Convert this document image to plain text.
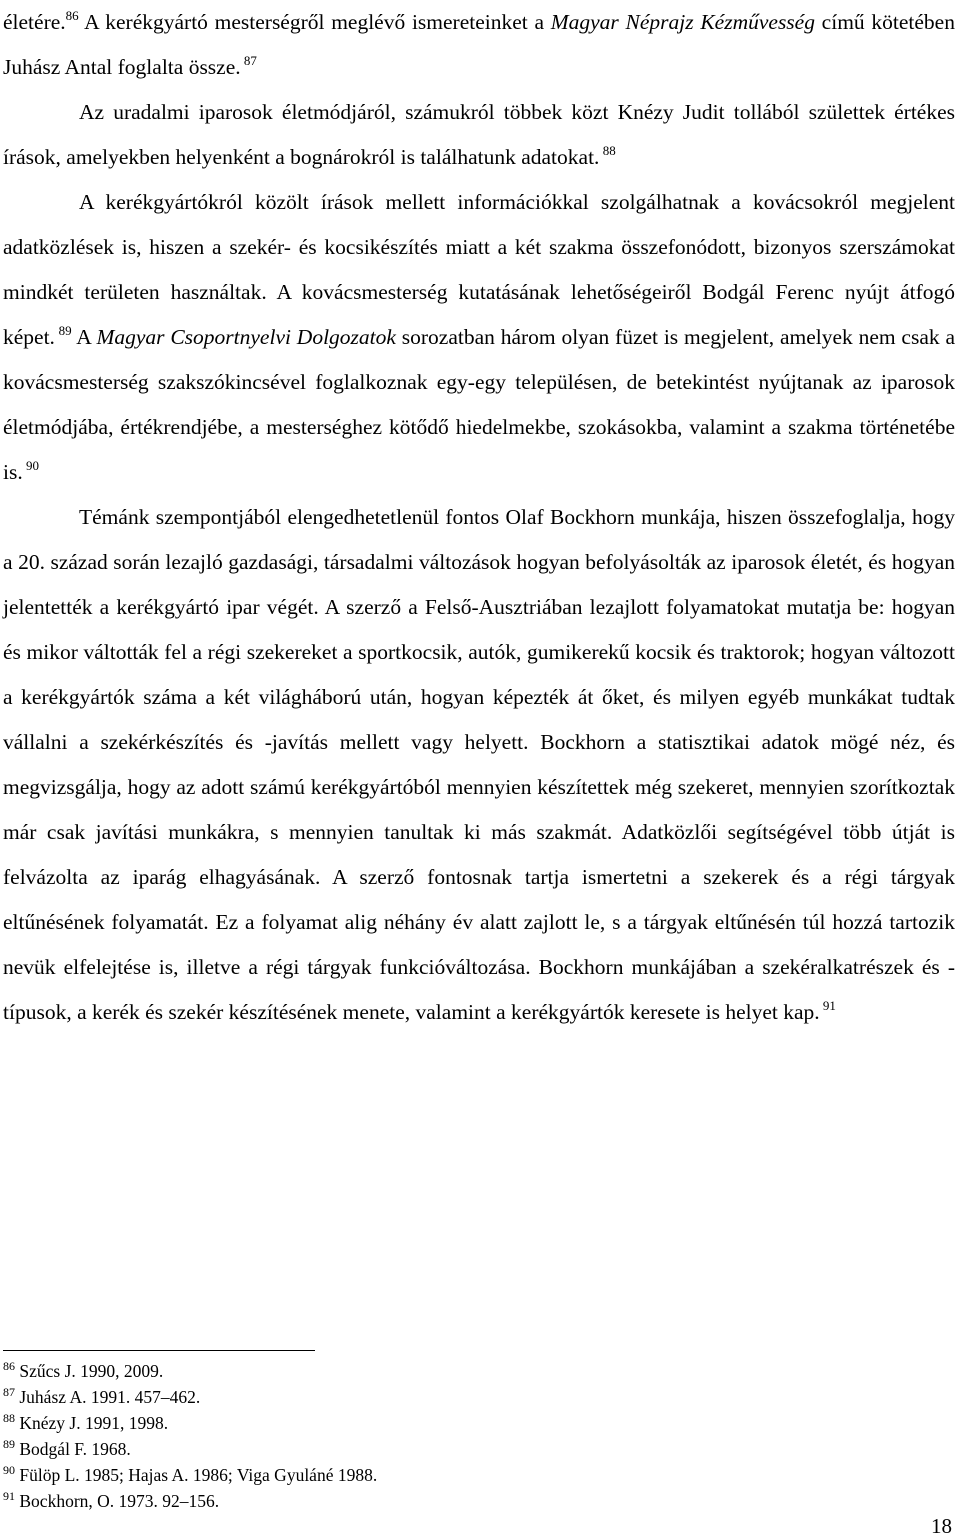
életére.$^{86}$ A kerékgyártó mesterségről meglévő ismereteinket a Magyar Néprajz Kézművesség című kötetében Juhász Antal foglalta össze. $^{87}$

Az uradalmi iparosok életmódjáról, számukról többek közt Knézy Judit tollából születtek értékes írások, amelyekben helyenként a bognárokról is találhatunk adatokat. $^{88}$

A kerékgyártókról közölt írások mellett információkkal szolgálhatnak a kovácsokról megjelent adatközlések is, hiszen a szekér- és kocsikészítés miatt a két szakma összefonódott, bizonyos szerszámokat mindkét területen használtak. A kovácsmesterség kutatásának lehetőségeiről Bodgál Ferenc nyújt átfogó képet. $^{89}$ A Magyar Csoportnyelvi Dolgozatok sorozatban három olyan füzet is megjelent, amelyek nem csak a kovácsmesterség szakszókincsével foglalkoznak egy-egy településen, de betekintést nyújtanak az iparosok életmódjába, értékrendjébe, a mesterséghez kötődő hiedelmekbe, szokásokba, valamint a szakma történetébe is. $^{90}$

Témánk szempontjából elengedhetetlenül fontos Olaf Bockhorn munkája, hiszen összefoglalja, hogy a 20. század során lezajló gazdasági, társadalmi változások hogyan befolyásolták az iparosok életét, és hogyan jelentették a kerékgyártó ipar végét. A szerző a Felső-Ausztriában lezajlott folyamatokat mutatja be: hogyan és mikor váltották fel a régi szekereket a sportkocsik, autók, gumikerekű kocsik és traktorok; hogyan változott a kerékgyártók száma a két világháború után, hogyan képezték át őket, és milyen egyéb munkákat tudtak vállalni a szekérkészítés és -javítás mellett vagy helyett. Bockhorn a statisztikai adatok mögé néz, és megvizsgálja, hogy az adott számú kerékgyártóból mennyien készítettek még szekeret, mennyien szorítkoztak már csak javítási munkákra, s mennyien tanultak ki más szakmát. Adatközlői segítségével több útját is felvázolta az iparág elhagyásának. A szerző fontosnak tartja ismertetni a szekerek és a régi tárgyak eltűnésének folyamatát. Ez a folyamat alig néhány év alatt zajlott le, s a tárgyak eltűnésén túl hozzá tartozik nevük elfelejtése is, illetve a régi tárgyak funkcióváltozása. Bockhorn munkájában a szekéralkatrészek és -típusok, a kerék és szekér készítésének menete, valamint a kerékgyártók keresete is helyet kap. $^{91}$

$^{86}$ Szűcs J. 1990, 2009.
$^{87}$ Juhász A. 1991. 457–462.
$^{88}$ Knézy J. 1991, 1998.
$^{89}$ Bodgál F. 1968.
$^{90}$ Fülöp L. 1985; Hajas A. 1986; Viga Gyuláné 1988.
$^{91}$ Bockhorn, O. 1973. 92–156.
18
